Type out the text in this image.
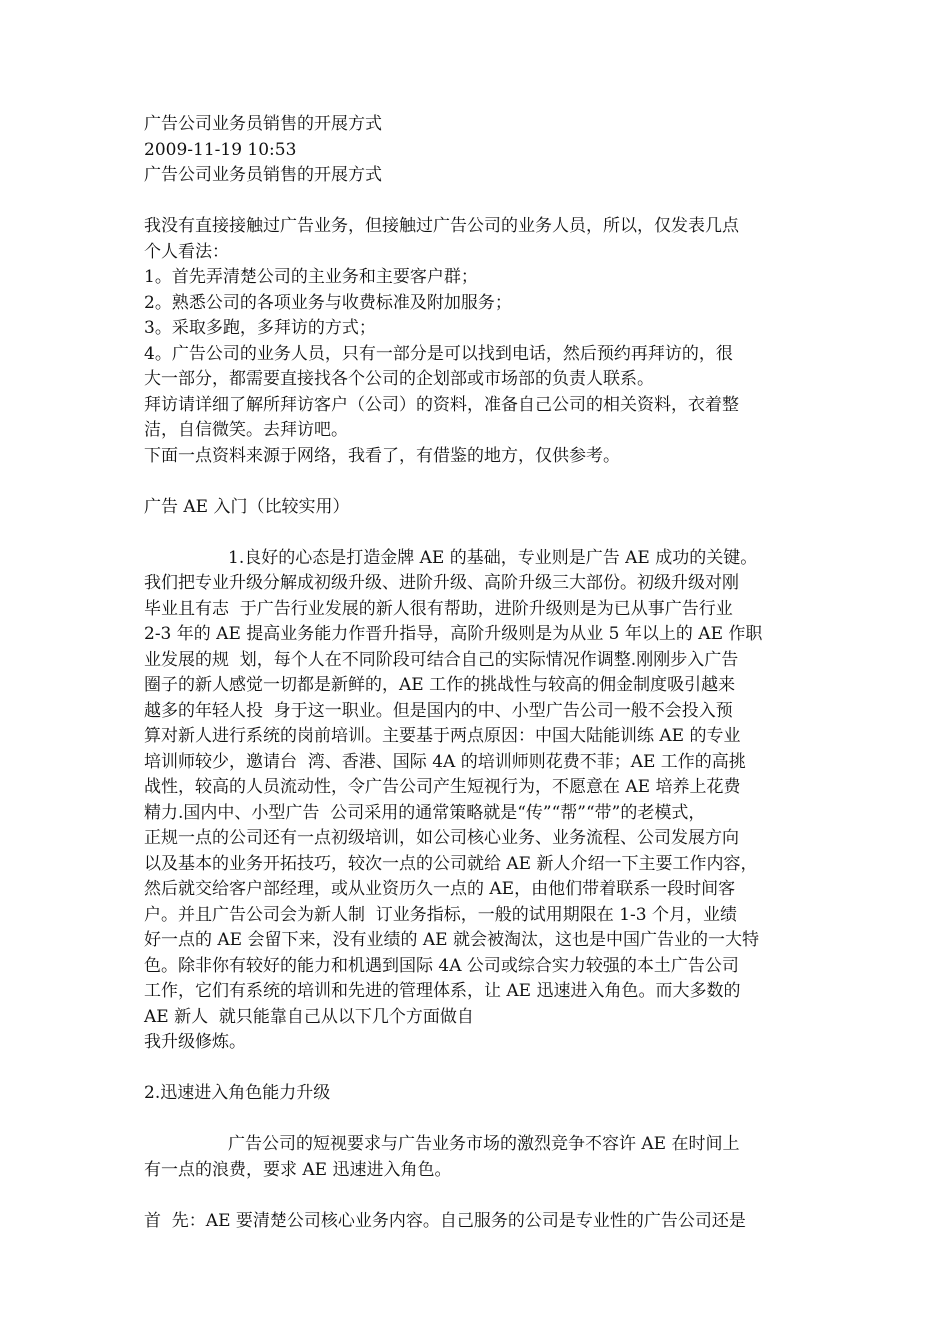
广告公司业务员销售的开展方式
2009-11-19 10:53
广告公司业务员销售的开展方式
我没有直接接触过广告业务，但接触过广告公司的业务人员，所以，仅发表几点
个人看法：
1。首先弄清楚公司的主业务和主要客户群；
2。熟悉公司的各项业务与收费标准及附加服务；
3。采取多跑，多拜访的方式；
4。广告公司的业务人员，只有一部分是可以找到电话，然后预约再拜访的，很
大一部分，都需要直接找各个公司的企划部或市场部的负责人联系。
拜访请详细了解所拜访客户（公司）的资料，准备自己公司的相关资料，衣着整
洁，自信微笑。去拜访吧。
下面一点资料来源于网络，我看了，有借鉴的地方，仅供参考。
广告 AE 入门（比较实用）
1.良好的心态是打造金牌 AE 的基础，专业则是广告 AE 成功的关键。
我们把专业升级分解成初级升级、进阶升级、高阶升级三大部份。初级升级对刚
毕业且有志  于广告行业发展的新人很有帮助，进阶升级则是为已从事广告行业
2-3 年的 AE 提高业务能力作晋升指导，高阶升级则是为从业 5 年以上的 AE 作职
业发展的规  划，每个人在不同阶段可结合自己的实际情况作调整.刚刚步入广告
圈子的新人感觉一切都是新鲜的，AE 工作的挑战性与较高的佣金制度吸引越来
越多的年轻人投  身于这一职业。但是国内的中、小型广告公司一般不会投入预
算对新人进行系统的岗前培训。主要基于两点原因：中国大陆能训练 AE 的专业
培训师较少，邀请台  湾、香港、国际 4A 的培训师则花费不菲；AE 工作的高挑
战性，较高的人员流动性，令广告公司产生短视行为，不愿意在 AE 培养上花费
精力.国内中、小型广告  公司采用的通常策略就是“传”“帮”“带”的老模式，
正规一点的公司还有一点初级培训，如公司核心业务、业务流程、公司发展方向
以及基本的业务开拓技巧，较次一点的公司就给 AE 新人介绍一下主要工作内容，
然后就交给客户部经理，或从业资历久一点的 AE，由他们带着联系一段时间客
户。并且广告公司会为新人制  订业务指标，一般的试用期限在 1-3 个月，业绩
好一点的 AE 会留下来，没有业绩的 AE 就会被淘汰，这也是中国广告业的一大特
色。除非你有较好的能力和机遇到国际 4A 公司或综合实力较强的本土广告公司
工作，它们有系统的培训和先进的管理体系，让 AE 迅速进入角色。而大多数的
AE 新人  就只能靠自己从以下几个方面做自
我升级修炼。
2.迅速进入角色能力升级
广告公司的短视要求与广告业务市场的激烈竞争不容许 AE 在时间上
有一点的浪费，要求 AE 迅速进入角色。
首  先：AE 要清楚公司核心业务内容。自己服务的公司是专业性的广告公司还是
